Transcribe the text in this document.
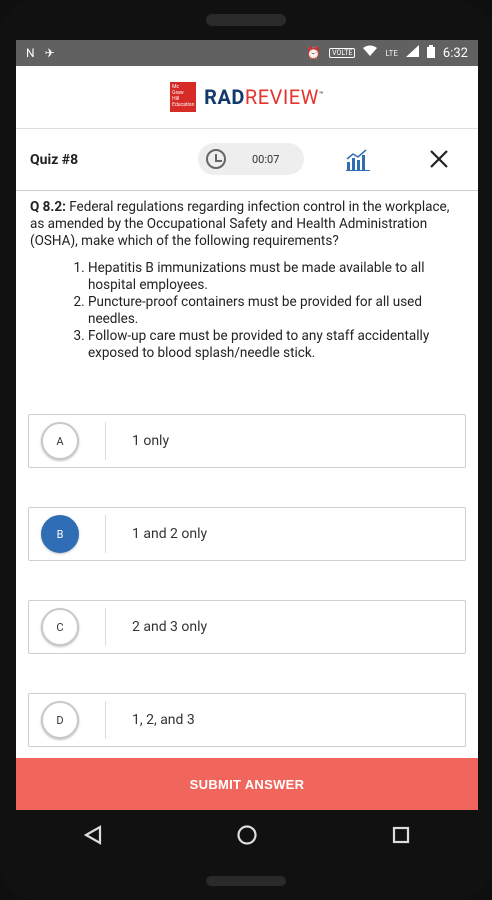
N ✈	⏰	VOLTE	LTE	6:32
Mc
Graw
Hill
Education RADREVIEW™
Quiz #8	00:07
Q 8.2: Federal regulations regarding infection control in the workplace, as amended by the Occupational Safety and Health Administration (OSHA), make which of the following requirements?
1. Hepatitis B immunizations must be made available to all hospital employees.
2. Puncture-proof containers must be provided for all used needles.
3. Follow-up care must be provided to any staff accidentally exposed to blood splash/needle stick.
A	1 only
B	1 and 2 only
C	2 and 3 only
D	1, 2, and 3
SUBMIT ANSWER
